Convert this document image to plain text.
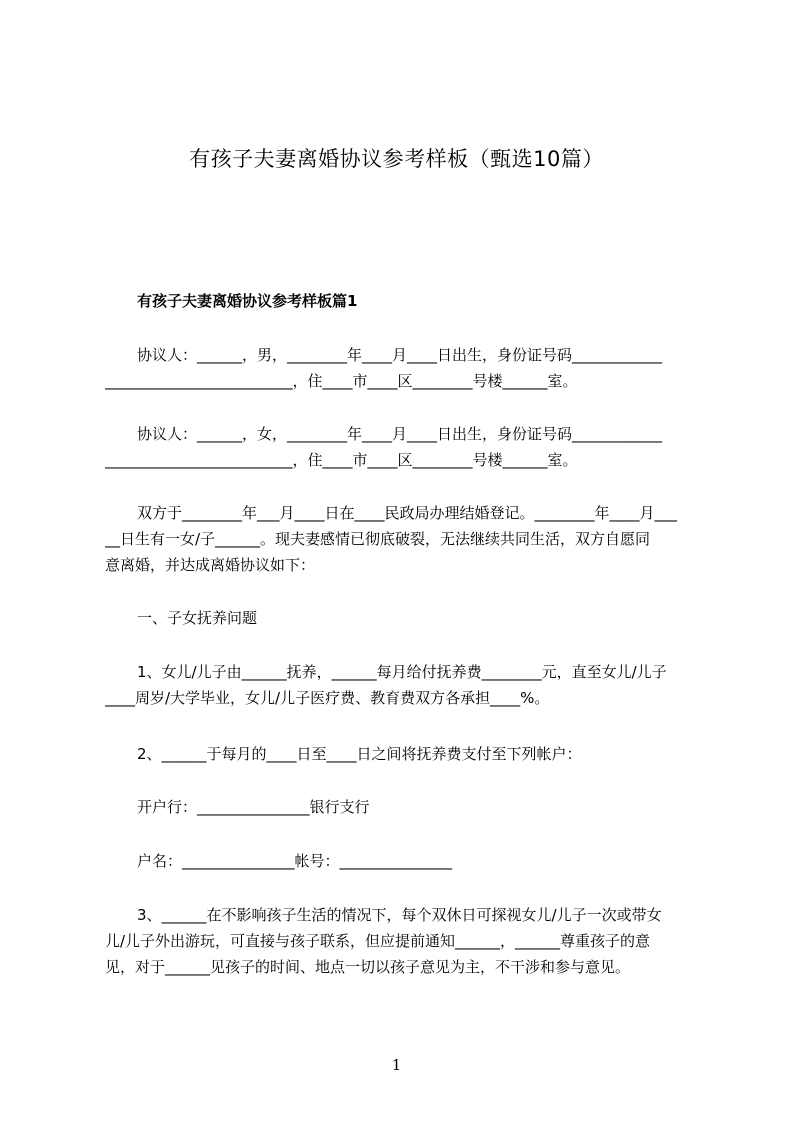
有孩子夫妻离婚协议参考样板（甄选10篇）
有孩子夫妻离婚协议参考样板篇1
协议人：______，男，________年____月____日出生，身份证号码____________
_________________________，住____市____区________号楼______室。
协议人：______，女，________年____月____日出生，身份证号码____________
_________________________，住____市____区________号楼______室。
双方于________年___月____日在____民政局办理结婚登记。________年____月___
__日生有一女/子______。现夫妻感情已彻底破裂，无法继续共同生活，双方自愿同
意离婚，并达成离婚协议如下：
一、子女抚养问题
1、女儿/儿子由______抚养，______每月给付抚养费________元，直至女儿/儿子
____周岁/大学毕业，女儿/儿子医疗费、教育费双方各承担____%。
2、______于每月的____日至____日之间将抚养费支付至下列帐户：
开户行：_______________银行支行
户名：_______________帐号：_______________
3、______在不影响孩子生活的情况下，每个双休日可探视女儿/儿子一次或带女
儿/儿子外出游玩，可直接与孩子联系，但应提前通知______，______尊重孩子的意
见，对于______见孩子的时间、地点一切以孩子意见为主，不干涉和参与意见。
1
